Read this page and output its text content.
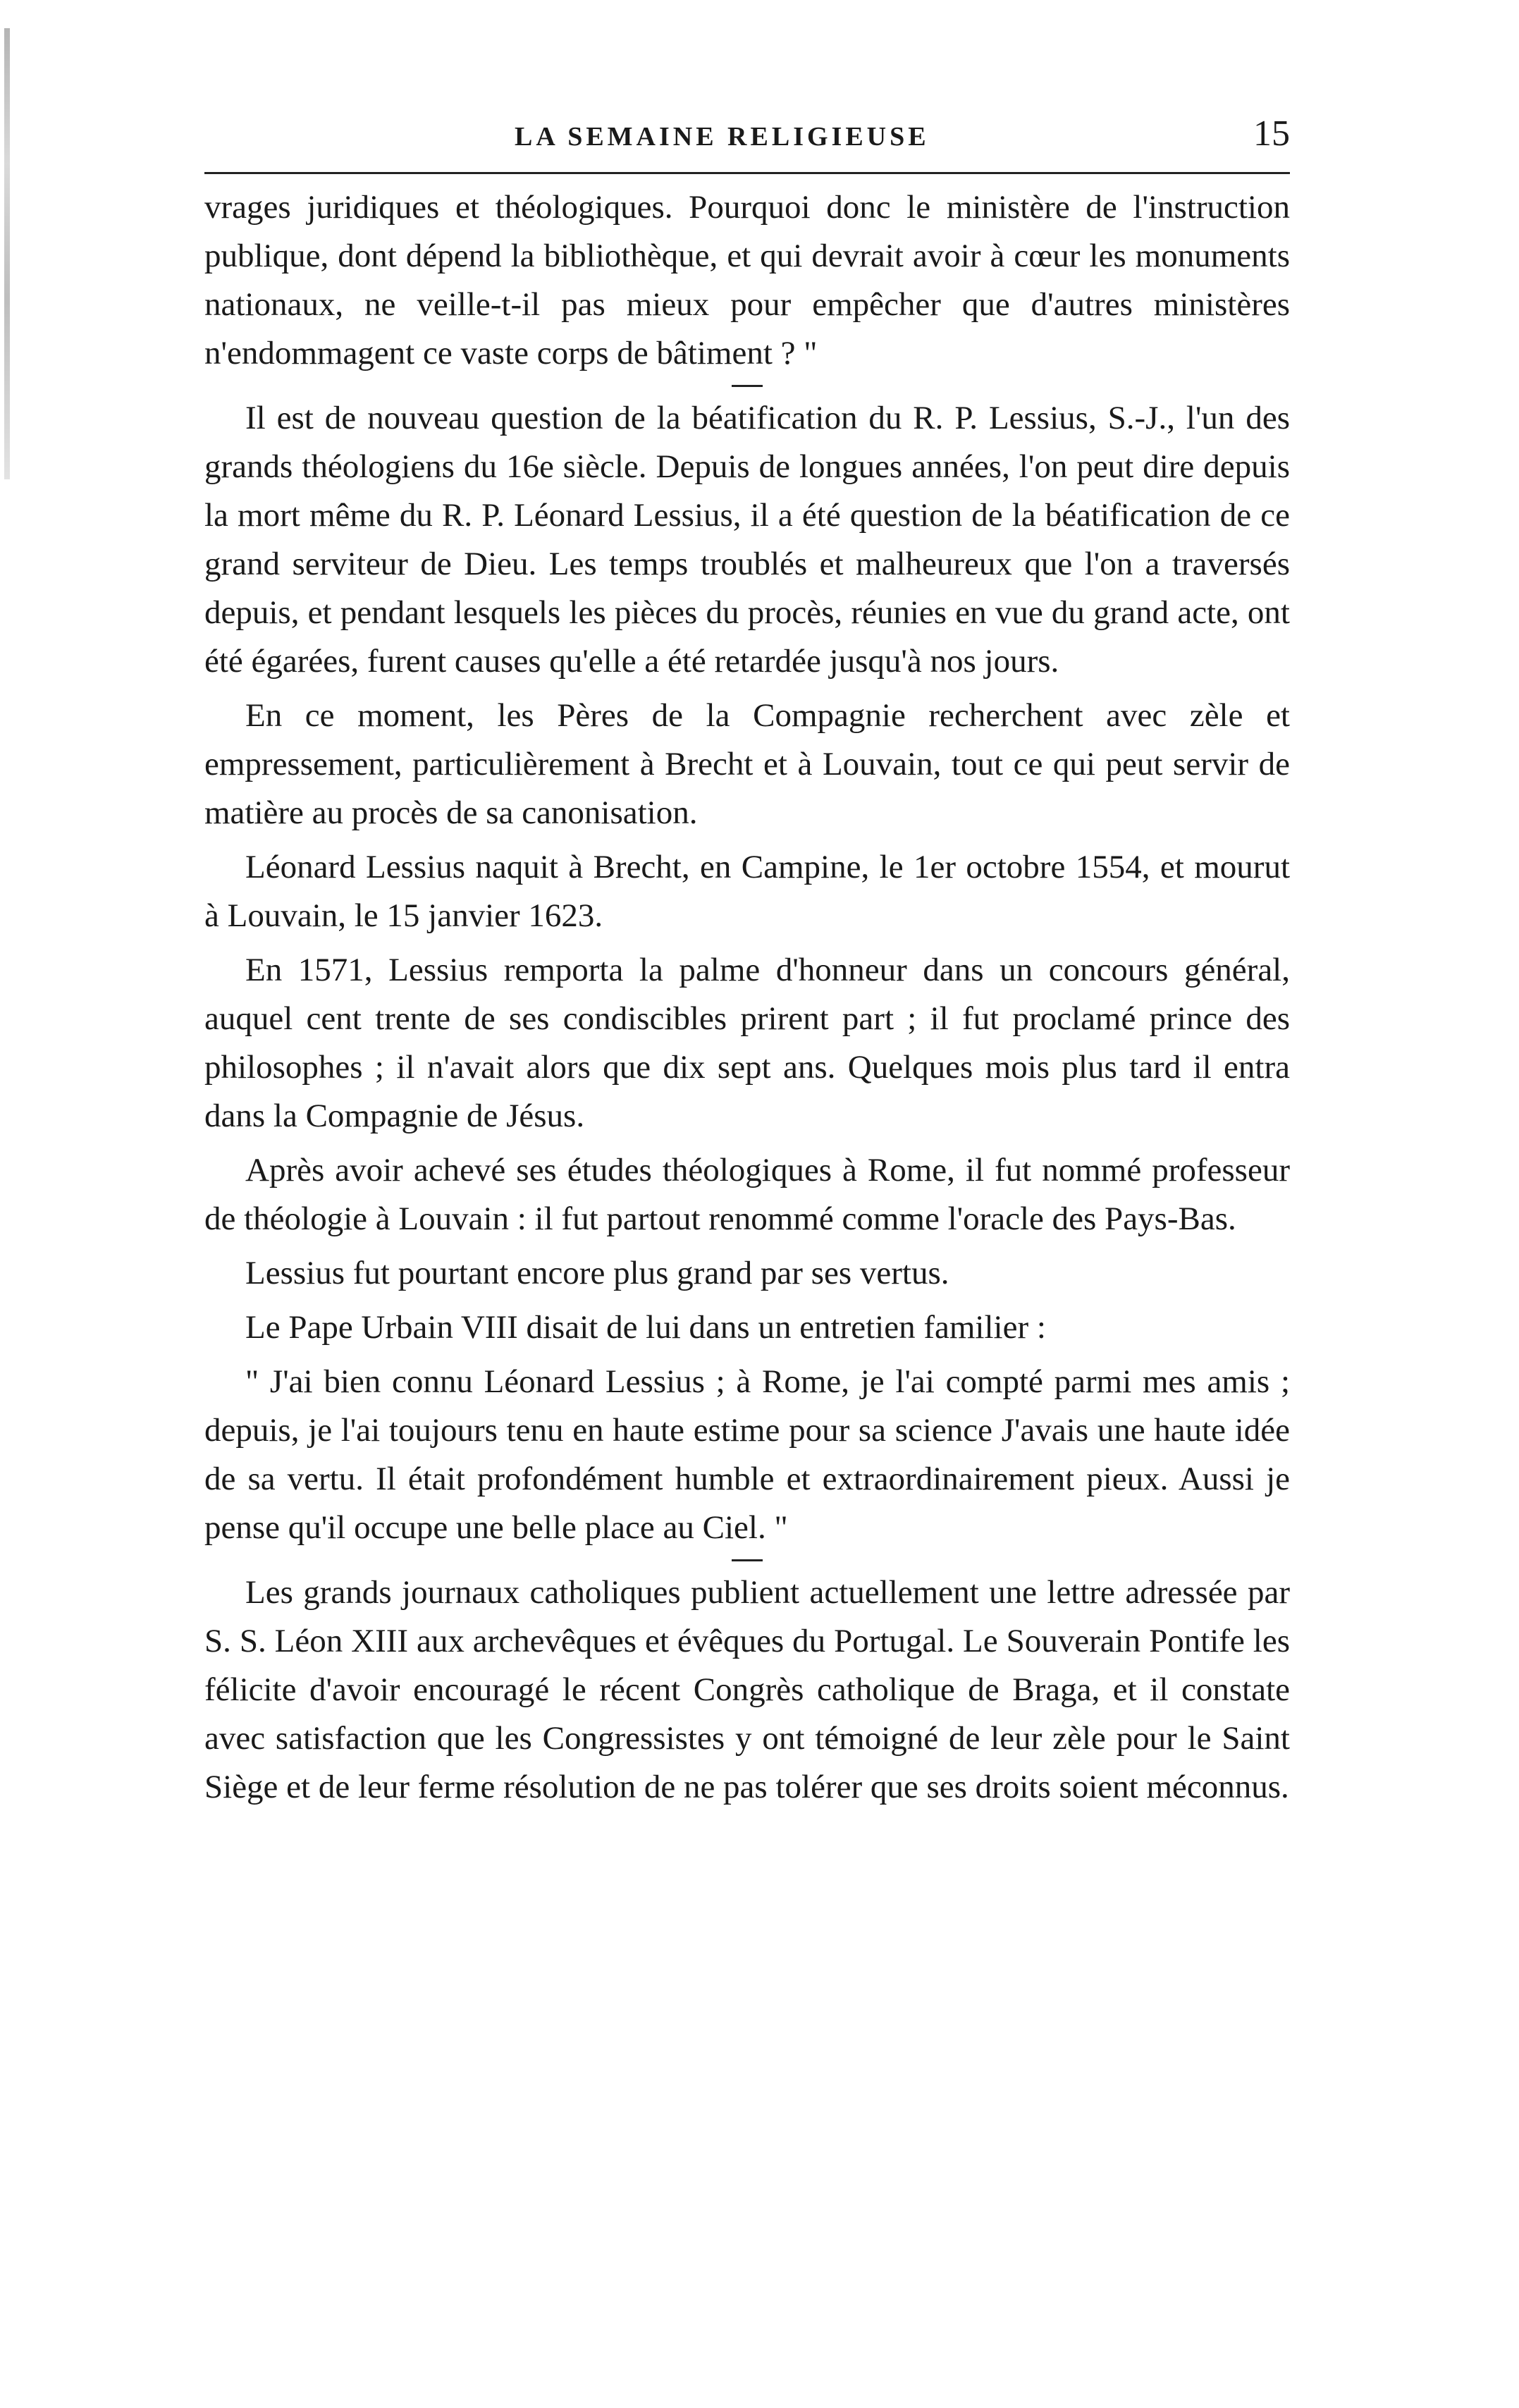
LA SEMAINE RELIGIEUSE	15

vrages juridiques et théologiques. Pourquoi donc le ministère de l'instruction publique, dont dépend la bibliothèque, et qui devrait avoir à cœur les monuments nationaux, ne veille-t-il pas mieux pour empêcher que d'autres ministères n'endommagent ce vaste corps de bâtiment ? "

Il est de nouveau question de la béatification du R. P. Lessius, S.-J., l'un des grands théologiens du 16e siècle. Depuis de longues années, l'on peut dire depuis la mort même du R. P. Léonard Lessius, il a été question de la béatification de ce grand serviteur de Dieu. Les temps troublés et malheureux que l'on a traversés depuis, et pendant lesquels les pièces du procès, réunies en vue du grand acte, ont été égarées, furent causes qu'elle a été retardée jusqu'à nos jours.

En ce moment, les Pères de la Compagnie recherchent avec zèle et empressement, particulièrement à Brecht et à Louvain, tout ce qui peut servir de matière au procès de sa canonisation.

Léonard Lessius naquit à Brecht, en Campine, le 1er octobre 1554, et mourut à Louvain, le 15 janvier 1623.

En 1571, Lessius remporta la palme d'honneur dans un concours général, auquel cent trente de ses condiscibles prirent part ; il fut proclamé prince des philosophes ; il n'avait alors que dix sept ans. Quelques mois plus tard il entra dans la Compagnie de Jésus.

Après avoir achevé ses études théologiques à Rome, il fut nommé professeur de théologie à Louvain : il fut partout renommé comme l'oracle des Pays-Bas.

Lessius fut pourtant encore plus grand par ses vertus.

Le Pape Urbain VIII disait de lui dans un entretien familier :

" J'ai bien connu Léonard Lessius ; à Rome, je l'ai compté parmi mes amis ; depuis, je l'ai toujours tenu en haute estime pour sa science J'avais une haute idée de sa vertu. Il était profondément humble et extraordinairement pieux. Aussi je pense qu'il occupe une belle place au Ciel. "

Les grands journaux catholiques publient actuellement une lettre adressée par S. S. Léon XIII aux archevêques et évêques du Portugal. Le Souverain Pontife les félicite d'avoir encouragé le récent Congrès catholique de Braga, et il constate avec satisfaction que les Congressistes y ont témoigné de leur zèle pour le Saint Siège et de leur ferme résolution de ne pas tolérer que ses droits soient méconnus.
